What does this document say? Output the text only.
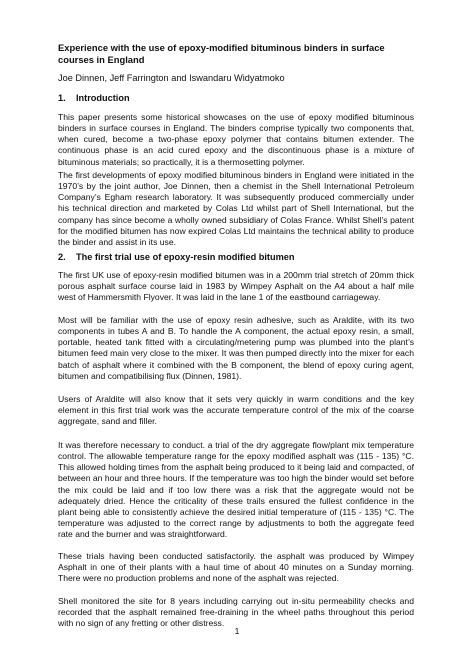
Experience with the use of epoxy-modified bituminous binders in surface courses in England

Joe Dinnen, Jeff Farrington and Iswandaru Widyatmoko

1. Introduction

This paper presents some historical showcases on the use of epoxy modified bituminous binders in surface courses in England. The binders comprise typically two components that, when cured, become a two-phase epoxy polymer that contains bitumen extender. The continuous phase is an acid cured epoxy and the discontinuous phase is a mixture of bituminous materials; so practically, it is a thermosetting polymer.

The first developments of epoxy modified bituminous binders in England were initiated in the 1970’s by the joint author, Joe Dinnen, then a chemist in the Shell International Petroleum Company’s Egham research laboratory. It was subsequently produced commercially under his technical direction and marketed by Colas Ltd whilst part of Shell International, but the company has since become a wholly owned subsidiary of Colas France. Whilst Shell’s patent for the modified bitumen has now expired Colas Ltd maintains the technical ability to produce the binder and assist in its use.

2. The first trial use of epoxy-resin modified bitumen

The first UK use of epoxy-resin modified bitumen was in a 200mm trial stretch of 20mm thick porous asphalt surface course laid in 1983 by Wimpey Asphalt on the A4 about a half mile west of Hammersmith Flyover. It was laid in the lane 1 of the eastbound carriageway.

Most will be familiar with the use of epoxy resin adhesive, such as Araldite, with its two components in tubes A and B. To handle the A component, the actual epoxy resin, a small, portable, heated tank fitted with a circulating/metering pump was plumbed into the plant’s bitumen feed main very close to the mixer. It was then pumped directly into the mixer for each batch of asphalt where it combined with the B component, the blend of epoxy curing agent, bitumen and compatibilising flux (Dinnen, 1981).

Users of Araldite will also know that it sets very quickly in warm conditions and the key element in this first trial work was the accurate temperature control of the mix of the coarse aggregate, sand and filler.

It was therefore necessary to conduct. a trial of the dry aggregate flow/plant mix temperature control. The allowable temperature range for the epoxy modified asphalt was (115 - 135) °C. This allowed holding times from the asphalt being produced to it being laid and compacted, of between an hour and three hours. If the temperature was too high the binder would set before the mix could be laid and if too low there was a risk that the aggregate would not be adequately dried. Hence the criticality of these trails ensured the fullest confidence in the plant being able to consistently achieve the desired initial temperature of (115 - 135) °C. The temperature was adjusted to the correct range by adjustments to both the aggregate feed rate and the burner and was straightforward.

These trials having been conducted satisfactorily. the asphalt was produced by Wimpey Asphalt in one of their plants with a haul time of about 40 minutes on a Sunday morning. There were no production problems and none of the asphalt was rejected.

Shell monitored the site for 8 years including carrying out in-situ permeability checks and recorded that the asphalt remained free-draining in the wheel paths throughout this period with no sign of any fretting or other distress.

1
